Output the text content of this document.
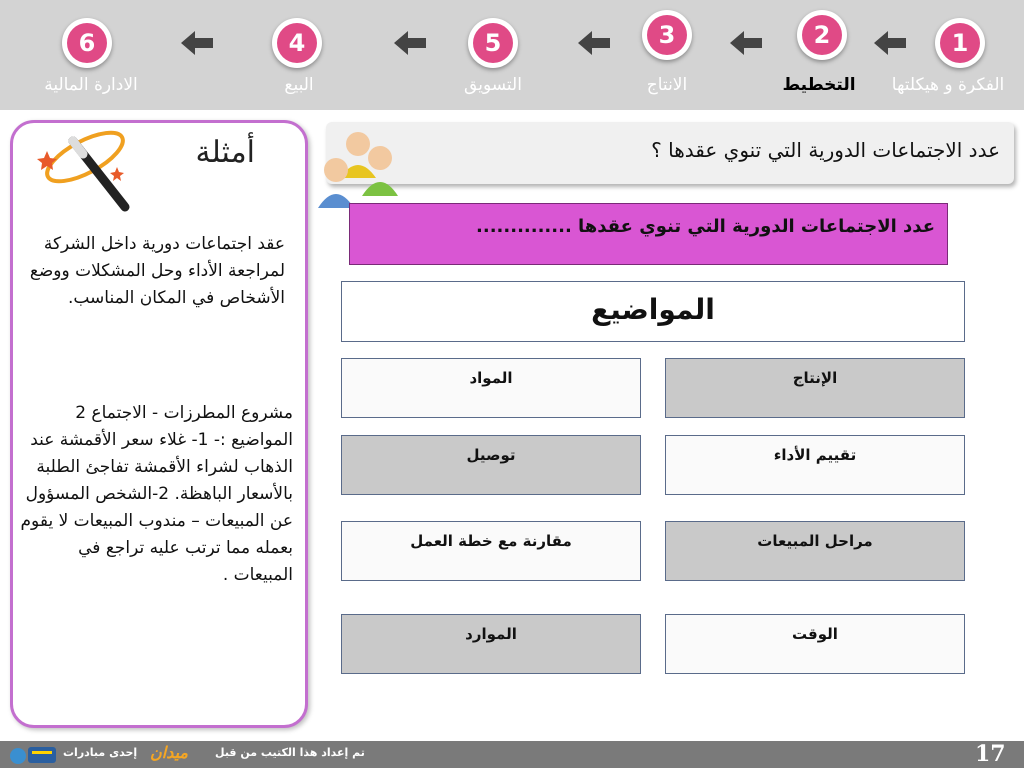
1
الفكرة و هيكلتها
2
التخطيط
3
الانتاج
5
التسويق
4
البيع
6
الادارة المالية
أمثلة
عقد اجتماعات دورية داخل الشركة لمراجعة الأداء وحل المشكلات ووضع الأشخاص في المكان المناسب.
مشروع المطرزات - الاجتماع 2 المواضيع :- 1- غلاء سعر الأقمشة عند الذهاب لشراء الأقمشة تفاجئ الطلبة بالأسعار الباهظة. 2-الشخص المسؤول عن المبيعات – مندوب المبيعات لا يقوم بعمله مما ترتب عليه تراجع في المبيعات .
عدد الاجتماعات الدورية التي تنوي عقدها ؟
عدد الاجتماعات الدورية التي تنوي عقدها ..............
المواضيع
الإنتاج
المواد
تقييم الأداء
توصيل
مراحل المبيعات
مقارنة مع خطة العمل
الوقت
الموارد
إحدى مبادرات ميدان تم إعداد هذا الكتيب من قبل	17
